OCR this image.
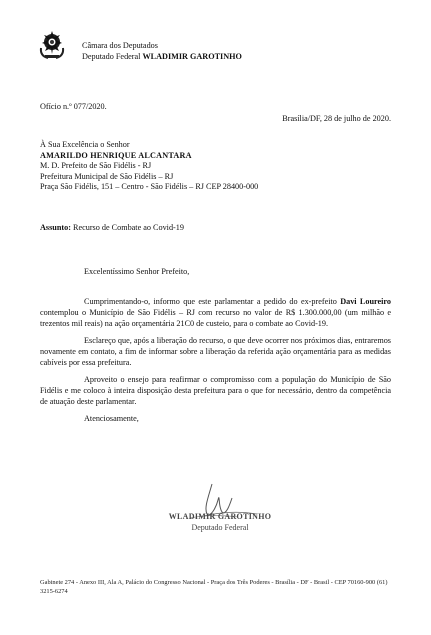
Câmara dos Deputados
Deputado Federal WLADIMIR GAROTINHO
Ofício n.º 077/2020.
Brasília/DF, 28 de julho de 2020.
À Sua Excelência o Senhor
AMARILDO HENRIQUE ALCANTARA
M. D. Prefeito de São Fidélis - RJ
Prefeitura Municipal de São Fidélis – RJ
Praça São Fidélis, 151 – Centro - São Fidélis – RJ CEP 28400-000
Assunto: Recurso de Combate ao Covid-19
Excelentíssimo Senhor Prefeito,

Cumprimentando-o, informo que este parlamentar a pedido do ex-prefeito Davi Loureiro contemplou o Município de São Fidélis – RJ com recurso no valor de R$ 1.300.000,00 (um milhão e trezentos mil reais) na ação orçamentária 21C0 de custeio, para o combate ao Covid-19.

Esclareço que, após a liberação do recurso, o que deve ocorrer nos próximos dias, entraremos novamente em contato, a fim de informar sobre a liberação da referida ação orçamentária para as medidas cabíveis por essa prefeitura.

Aproveito o ensejo para reafirmar o compromisso com a população do Município de São Fidélis e me coloco à inteira disposição desta prefeitura para o que for necessário, dentro da competência de atuação deste parlamentar.

Atenciosamente,

WLADIMIR GAROTINHO
Deputado Federal
Gabinete 274 - Anexo III, Ala A, Palácio do Congresso Nacional - Praça dos Três Poderes - Brasília - DF - Brasil - CEP 70160-900 (61) 3215-6274
